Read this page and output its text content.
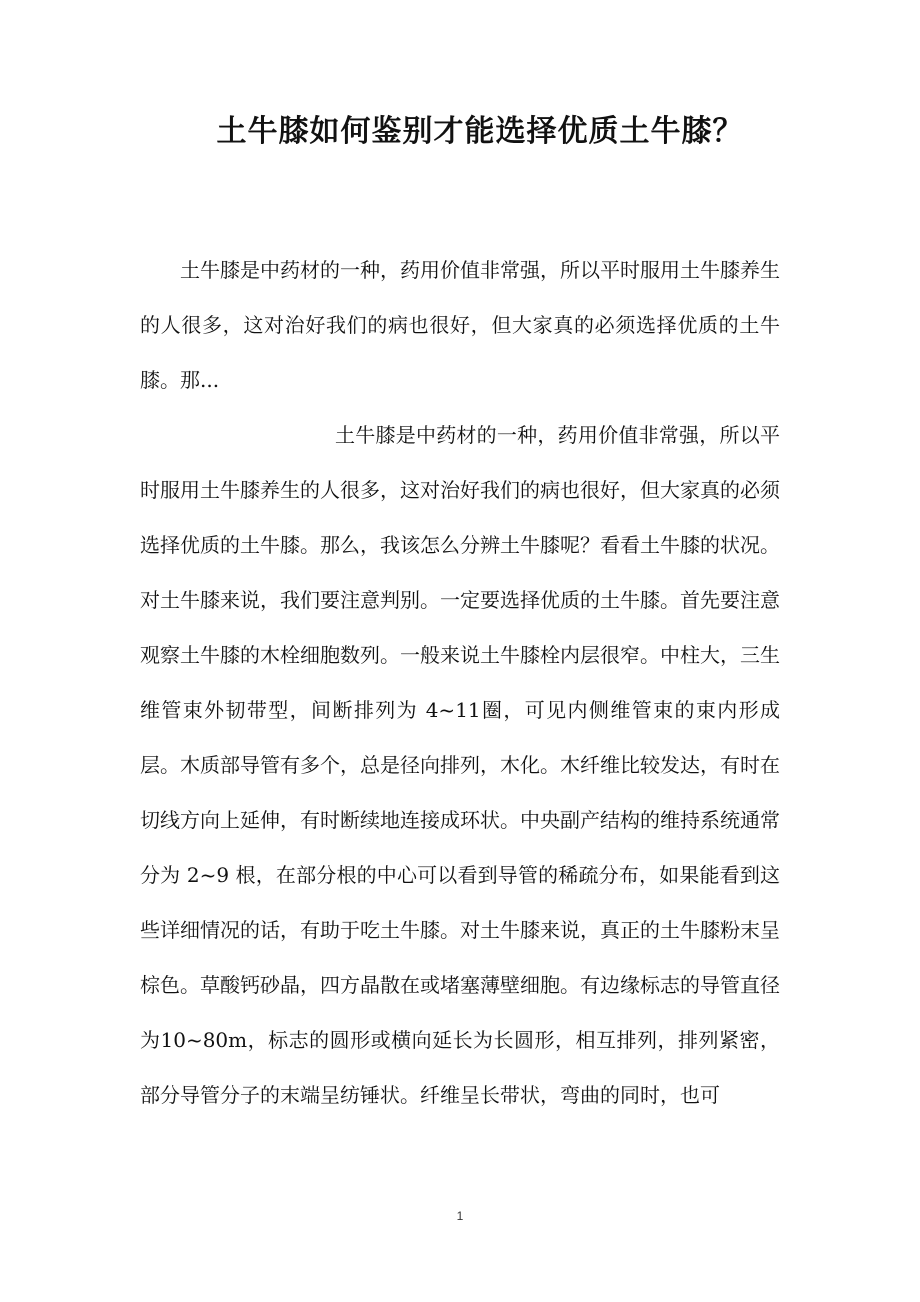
土牛膝如何鉴别才能选择优质土牛膝？

土牛膝是中药材的一种，药用价值非常强，所以平时服用土牛膝养生的人很多，这对治好我们的病也很好，但大家真的必须选择优质的土牛膝。那...

土牛膝是中药材的一种，药用价值非常强，所以平时服用土牛膝养生的人很多，这对治好我们的病也很好，但大家真的必须选择优质的土牛膝。那么，我该怎么分辨土牛膝呢？看看土牛膝的状况。对土牛膝来说，我们要注意判别。一定要选择优质的土牛膝。首先要注意观察土牛膝的木栓细胞数列。一般来说土牛膝栓内层很窄。中柱大，三生维管束外韧带型，间断排列为 4~11圈，可见内侧维管束的束内形成层。木质部导管有多个，总是径向排列，木化。木纤维比较发达，有时在切线方向上延伸，有时断续地连接成环状。中央副产结构的维持系统通常分为 2~9 根，在部分根的中心可以看到导管的稀疏分布，如果能看到这些详细情况的话，有助于吃土牛膝。对土牛膝来说，真正的土牛膝粉末呈棕色。草酸钙砂晶，四方晶散在或堵塞薄壁细胞。有边缘标志的导管直径为10~80m，标志的圆形或横向延长为长圆形，相互排列，排列紧密，部分导管分子的末端呈纺锤状。纤维呈长带状，弯曲的同时，也可

1
